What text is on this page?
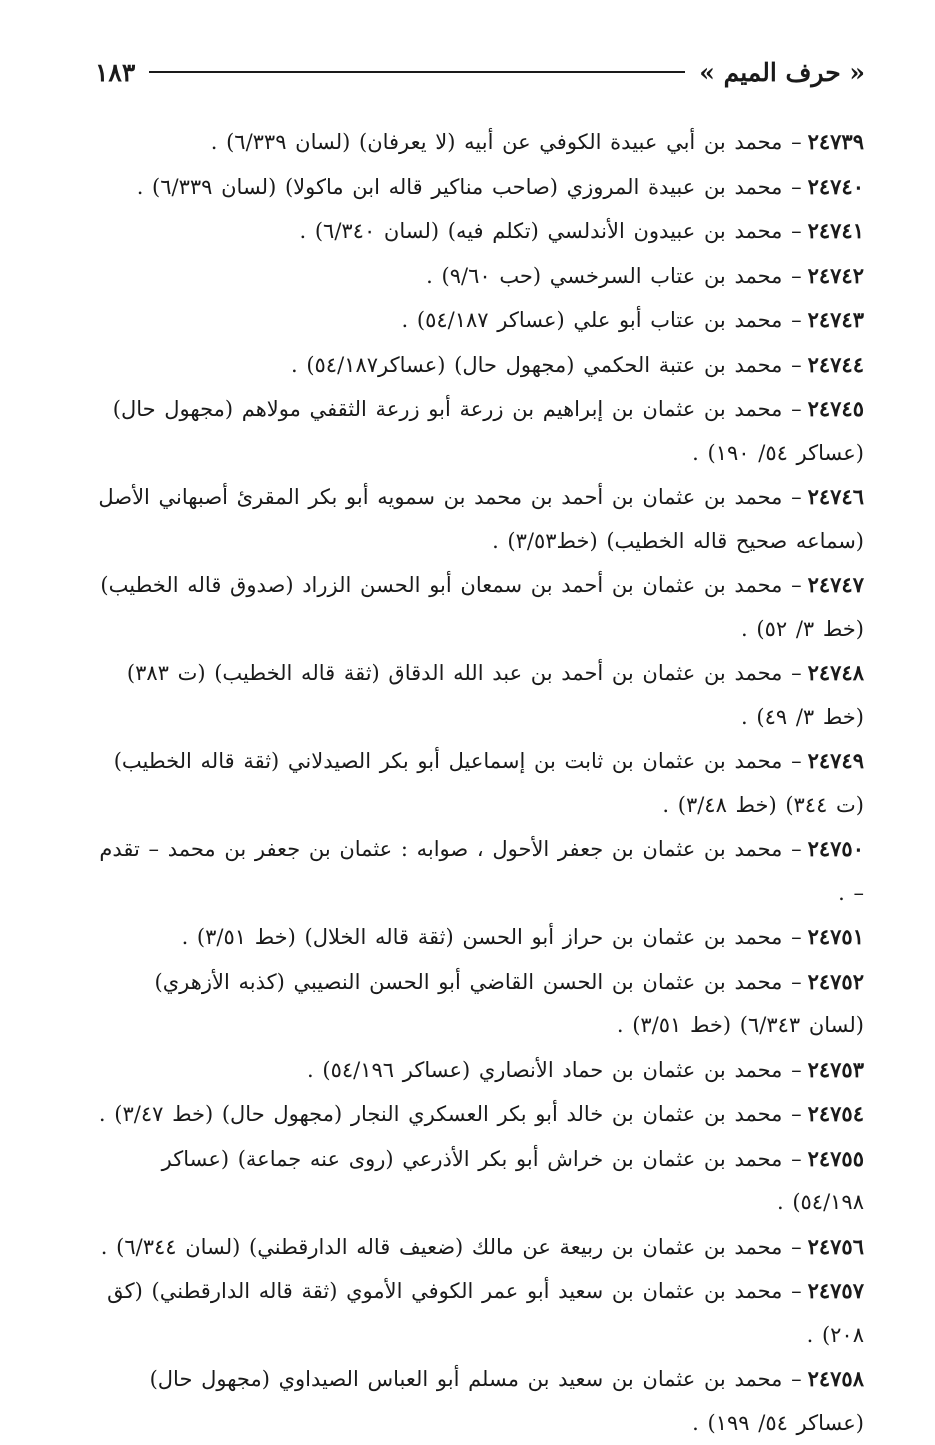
« حرف الميم »
١٨٣

٢٤٧٣٩– محمد بن أبي عبيدة الكوفي عن أبيه (لا يعرفان) (لسان ٦/٣٣٩) .

٢٤٧٤٠– محمد بن عبيدة المروزي (صاحب مناكير قاله ابن ماكولا) (لسان ٦/٣٣٩) .

٢٤٧٤١– محمد بن عبيدون الأندلسي (تكلم فيه) (لسان ٦/٣٤٠) .

٢٤٧٤٢– محمد بن عتاب السرخسي (حب ٩/٦٠) .

٢٤٧٤٣– محمد بن عتاب أبو علي (عساكر ٥٤/١٨٧) .

٢٤٧٤٤– محمد بن عتبة الحكمي (مجهول حال) (عساكر٥٤/١٨٧) .

٢٤٧٤٥– محمد بن عثمان بن إبراهيم بن زرعة أبو زرعة الثقفي مولاهم (مجهول حال) (عساكر ٥٤/ ١٩٠) .

٢٤٧٤٦– محمد بن عثمان بن أحمد بن محمد بن سمويه أبو بكر المقرئ أصبهاني الأصل (سماعه صحيح قاله الخطيب) (خط٣/٥٣) .

٢٤٧٤٧– محمد بن عثمان بن أحمد بن سمعان أبو الحسن الزراد (صدوق قاله الخطيب) (خط ٣/ ٥٢) .

٢٤٧٤٨– محمد بن عثمان بن أحمد بن عبد الله الدقاق (ثقة قاله الخطيب) (ت ٣٨٣) (خط ٣/ ٤٩) .

٢٤٧٤٩– محمد بن عثمان بن ثابت بن إسماعيل أبو بكر الصيدلاني (ثقة قاله الخطيب) (ت ٣٤٤) (خط ٣/٤٨) .

٢٤٧٥٠– محمد بن عثمان بن جعفر الأحول ، صوابه : عثمان بن جعفر بن محمد – تقدم – .

٢٤٧٥١– محمد بن عثمان بن حراز أبو الحسن (ثقة قاله الخلال) (خط ٣/٥١) .

٢٤٧٥٢– محمد بن عثمان بن الحسن القاضي أبو الحسن النصيبي (كذبه الأزهري) (لسان ٦/٣٤٣) (خط ٣/٥١) .

٢٤٧٥٣– محمد بن عثمان بن حماد الأنصاري (عساكر ٥٤/١٩٦) .

٢٤٧٥٤– محمد بن عثمان بن خالد أبو بكر العسكري النجار (مجهول حال) (خط ٣/٤٧) .

٢٤٧٥٥– محمد بن عثمان بن خراش أبو بكر الأذرعي (روى عنه جماعة) (عساكر ٥٤/١٩٨) .

٢٤٧٥٦– محمد بن عثمان بن ربيعة عن مالك (ضعيف قاله الدارقطني) (لسان ٦/٣٤٤) .

٢٤٧٥٧– محمد بن عثمان بن سعيد أبو عمر الكوفي الأموي (ثقة قاله الدارقطني) (كق ٢٠٨) .

٢٤٧٥٨– محمد بن عثمان بن سعيد بن مسلم أبو العباس الصيداوي (مجهول حال) (عساكر ٥٤/ ١٩٩) .
